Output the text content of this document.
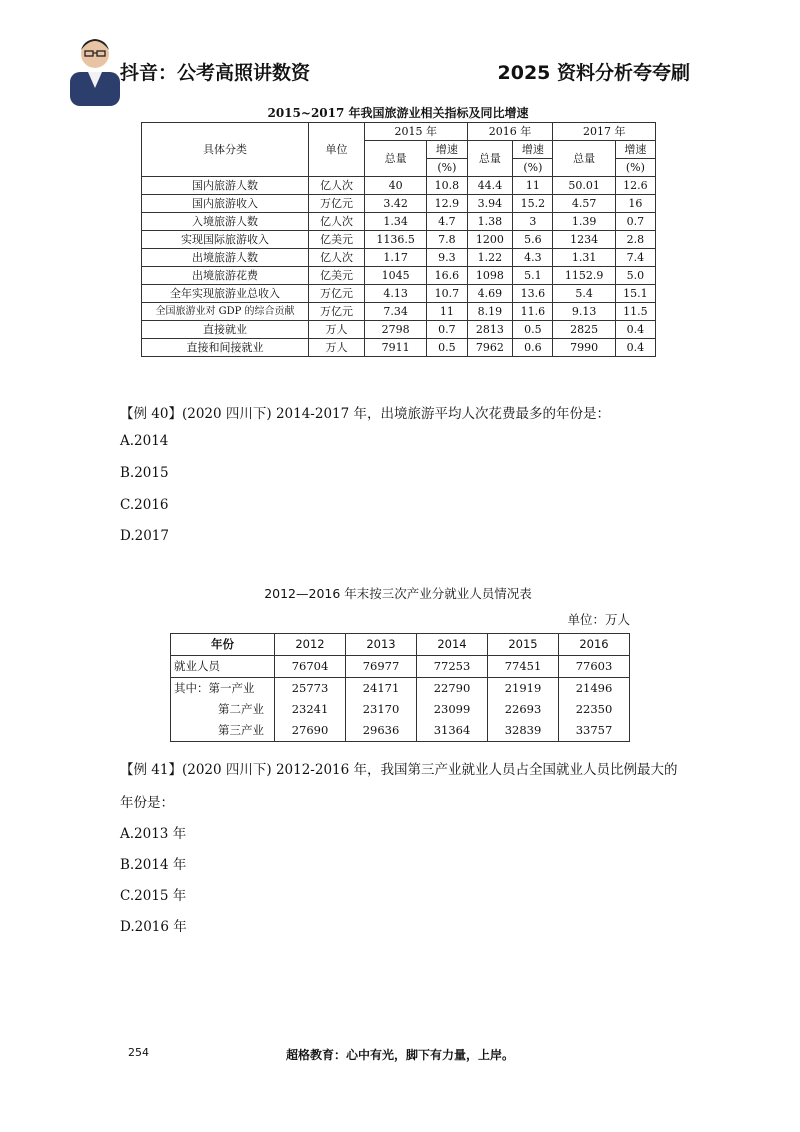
抖音：公考高照讲数资	2025 资料分析夸夸刷
2015~2017 年我国旅游业相关指标及同比增速
具体分类	单位	2015 年		2016 年		2017 年	
		总量	增速	总量	增速	总量	增速
			(%)		(%)		(%)
国内旅游人数	亿人次	40	10.8	44.4	11	50.01	12.6
国内旅游收入	万亿元	3.42	12.9	3.94	15.2	4.57	16
入境旅游人数	亿人次	1.34	4.7	1.38	3	1.39	0.7
实现国际旅游收入	亿美元	1136.5	7.8	1200	5.6	1234	2.8
出境旅游人数	亿人次	1.17	9.3	1.22	4.3	1.31	7.4
出境旅游花费	亿美元	1045	16.6	1098	5.1	1152.9	5.0
全年实现旅游业总收入	万亿元	4.13	10.7	4.69	13.6	5.4	15.1
全国旅游业对 GDP 的综合贡献	万亿元	7.34	11	8.19	11.6	9.13	11.5
直接就业	万人	2798	0.7	2813	0.5	2825	0.4
直接和间接就业	万人	7911	0.5	7962	0.6	7990	0.4
【例 40】(2020 四川下) 2014-2017 年，出境旅游平均人次花费最多的年份是：
A.2014
B.2015
C.2016
D.2017
2012—2016 年末按三次产业分就业人员情况表
单位：万人
年份	2012	2013	2014	2015	2016
就业人员	76704	76977	77253	77451	77603
其中：第一产业	25773	24171	22790	21919	21496
第二产业	23241	23170	23099	22693	22350
第三产业	27690	29636	31364	32839	33757
【例 41】(2020 四川下) 2012-2016 年，我国第三产业就业人员占全国就业人员比例最大的
年份是：
A.2013 年
B.2014 年
C.2015 年
D.2016 年
254	超格教育：心中有光，脚下有力量，上岸。
